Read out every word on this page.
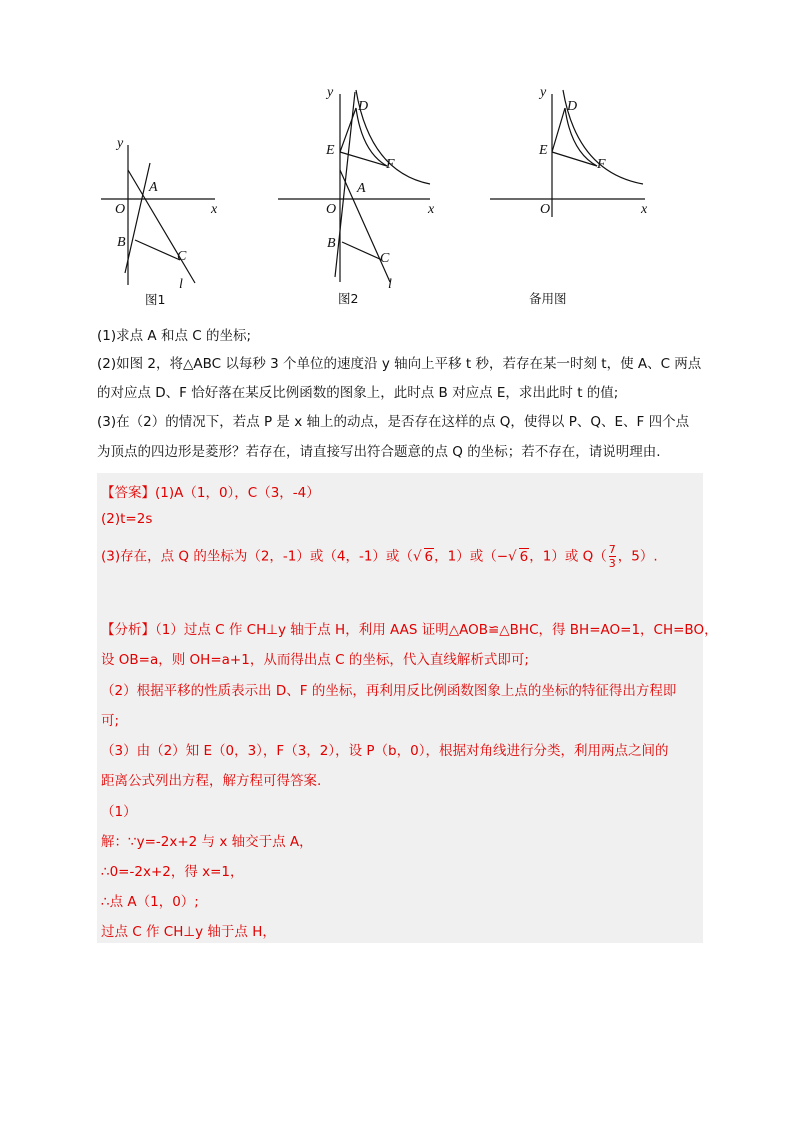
y
x
O
A
B
C
l
图1
y
x
O
D
E
F
A
B
C
l
图2
y
x
O
D
E
F
备用图
(1)求点 A 和点 C 的坐标;
(2)如图 2，将△ABC 以每秒 3 个单位的速度沿 y 轴向上平移 t 秒，若存在某一时刻 t，使 A、C 两点
的对应点 D、F 恰好落在某反比例函数的图象上，此时点 B 对应点 E，求出此时 t 的值;
(3)在（2）的情况下，若点 P 是 x 轴上的动点，是否存在这样的点 Q，使得以 P、Q、E、F 四个点
为顶点的四边形是菱形？若存在，请直接写出符合题意的点 Q 的坐标；若不存在，请说明理由.
【答案】(1)A（1，0），C（3，-4）
(2)t=2s
(3)存在，点 Q 的坐标为（2，-1）或（4，-1）或（√ 6，1）或（−√ 6，1）或 $Q( \frac{7}{3}$ ，5）.
【分析】（1）过点 C 作 CH⊥y 轴于点 H，利用 AAS 证明△AOB≌△BHC，得 BH=AO=1，CH=BO，
设 OB=a，则 OH=a+1，从而得出点 C 的坐标，代入直线解析式即可;
（2）根据平移的性质表示出 D、F 的坐标，再利用反比例函数图象上点的坐标的特征得出方程即
可;
（3）由（2）知 E（0，3），F（3，2），设 P（b，0），根据对角线进行分类，利用两点之间的
距离公式列出方程，解方程可得答案.
（1）
解：∵y=-2x+2 与 x 轴交于点 A，
∴0=-2x+2，得 x=1，
∴点 A（1，0）;
过点 C 作 CH⊥y 轴于点 H，
